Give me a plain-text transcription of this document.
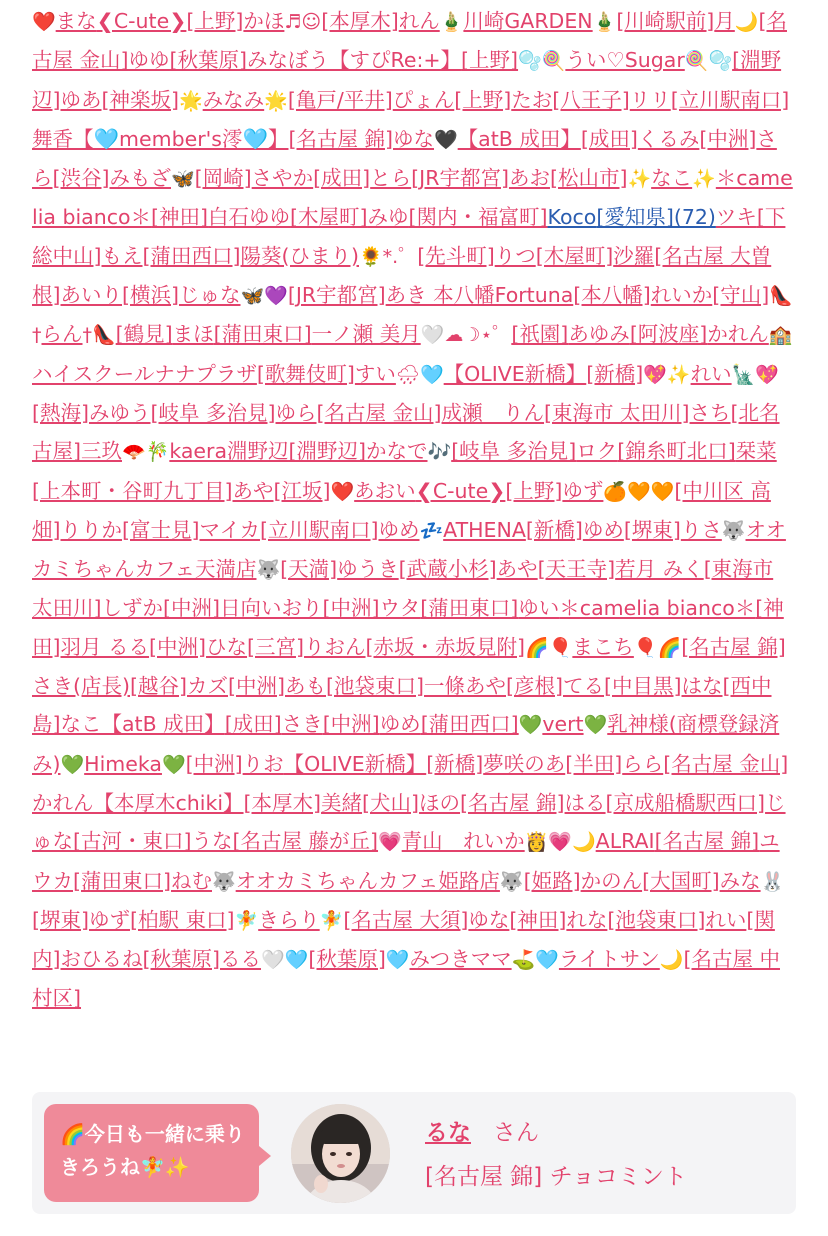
❤️まな❮C-ute❯[上野]かほ♬☺[本厚木]れん🎍川崎GARDEN🎍[川崎駅前]月🌙[名古屋 金山]ゆゆ[秋葉原]みなぼう【すぴRe:+】[上野]🫧🍭うい♡Sugar🍭🫧[淵野辺]ゆあ[神楽坂]🌟みなみ🌟[亀戸/平井]ぴょん[上野]たお[八王子]リリ[立川駅南口]舞香【🩵member's澪🩵】[名古屋 錦]ゆな🖤【atB 成田】[成田]くるみ[中洲]さら[渋谷]みもざ🦋[岡崎]さやか[成田]とら[JR宇都宮]あお[松山市]✨なこ✨＊camelia bianco＊[神田]白石ゆゆ[木屋町]みゆ[関内・福富町]Koco[愛知県](72)ツキ[下総中山]もえ[蒲田西口]陽葵(ひまり)🌻*.゜[先斗町]りつ[木屋町]沙羅[名古屋 大曽根]あいり[横浜]じゅな🦋💜[JR宇都宮]あき 本八幡Fortuna[本八幡]れいか[守山]👠†らん†👠[鶴見]まほ[蒲田東口]一ノ瀬 美月🤍☁☽⋆゜[祇園]あゆみ[阿波座]かれん🏫ハイスクールナナプラザ[歌舞伎町]すい🌧🩵【OLIVE新橋】[新橋]💖✨れい🗽💖[熱海]みゆう[岐阜 多治見]ゆら[名古屋 金山]成瀬　りん[東海市 太田川]さち[北名古屋]三玖🪭🎋kaera淵野辺[淵野辺]かなで🎶[岐阜 多治見]ロク[錦糸町北口]栞菜[上本町・谷町九丁目]あや[江坂]❤️あおい❮C-ute❯[上野]ゆず🍊🧡🧡[中川区 高畑]りりか[富士見]マイカ[立川駅南口]ゆめ💤ATHENA[新橋]ゆめ[堺東]りさ🐺オオカミちゃんカフェ天満店🐺[天満]ゆうき[武蔵小杉]あや[天王寺]若月 みく[東海市 太田川]しずか[中洲]日向いおり[中洲]ウタ[蒲田東口]ゆい＊camelia bianco＊[神田]羽月 るる[中洲]ひな[三宮]りおん[赤坂・赤坂見附]🌈🎈まこち🎈🌈[名古屋 錦]さき(店長)[越谷]カズ[中洲]あも[池袋東口]一條あや[彦根]てる[中目黒]はな[西中島]なこ【atB 成田】[成田]さき[中洲]ゆめ[蒲田西口]💚vert💚乳神様(商標登録済み)💚Himeka💚[中洲]りお【OLIVE新橋】[新橋]夢咲のあ[半田]らら[名古屋 金山]かれん【本厚木chiki】[本厚木]美緒[犬山]ほの[名古屋 錦]はる[京成船橋駅西口]じゅな[古河・東口]うな[名古屋 藤が丘]💗青山　れいか👸💗🌙ALRAI[名古屋 錦]ユウカ[蒲田東口]ねむ🐺オオカミちゃんカフェ姫路店🐺[姫路]かのん[大国町]みな🐰[堺東]ゆず[柏駅 東口]🧚きらり🧚[名古屋 大須]ゆな[神田]れな[池袋東口]れい[関内]おひるね[秋葉原]るる🤍🩵[秋葉原]🩵みつきママ⛳🩵ライトサン🌙[名古屋 中村区]
🌈今日も一緒に乗りきろうね🧚✨
るな さん
[名古屋 錦] チョコミント
